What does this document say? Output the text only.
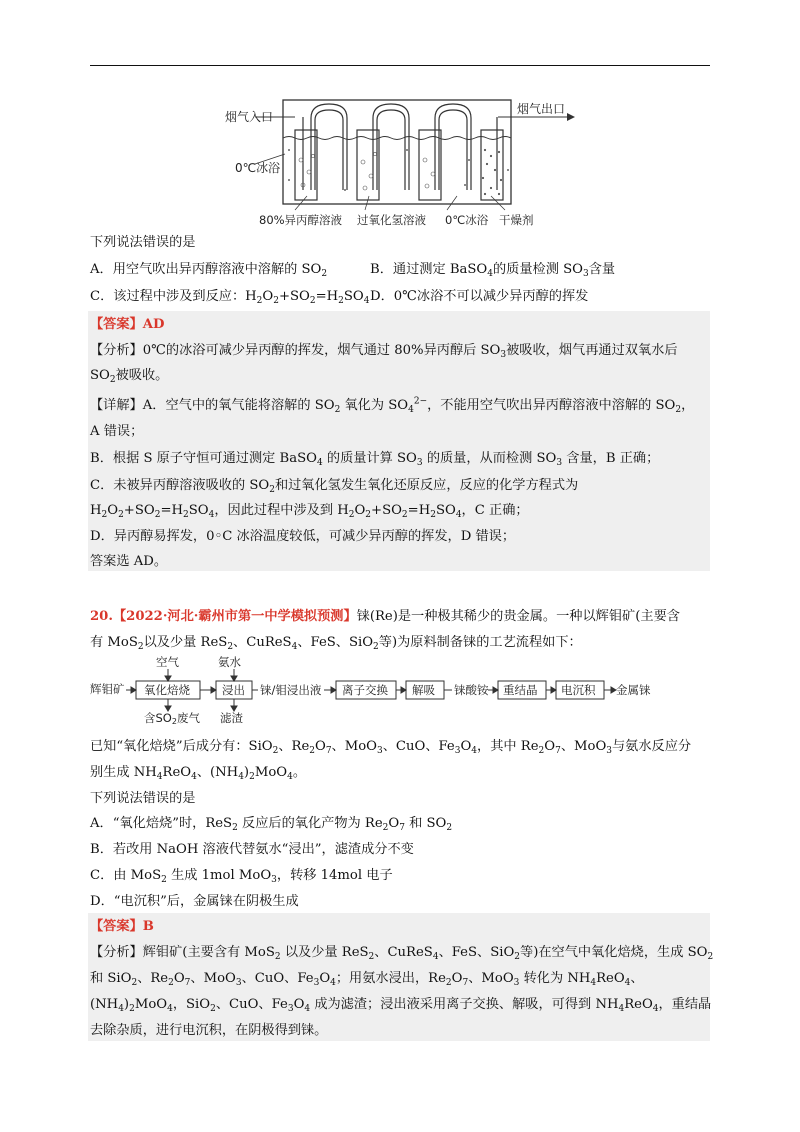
烟气入口
烟气出口
0℃冰浴
80%异丙醇溶液 过氧化氢溶液 0℃冰浴 干燥剂
下列说法错误的是
A．用空气吹出异丙醇溶液中溶解的 $SO_2$	B．通过测定 BaSO$_4$的质量检测 $SO_3$含量
C．该过程中涉及到反应：$H_2O_2+SO_2=H_2SO_4$ D．0℃冰浴不可以减少异丙醇的挥发
【答案】AD
【分析】0℃的冰浴可减少异丙醇的挥发，烟气通过 80%异丙醇后 $SO_3$被吸收，烟气再通过双氧水后
$SO_2$被吸收。
【详解】A．空气中的氧气能将溶解的 $SO_2$ 氧化为 $SO_4^{2-}$，不能用空气吹出异丙醇溶液中溶解的 $SO_2$，
A 错误；
B．根据 S 原子守恒可通过测定 BaSO$_4$ 的质量计算 $SO_3$ 的质量，从而检测 $SO_3$ 含量，B 正确；
C．未被异丙醇溶液吸收的 $SO_2$和过氧化氢发生氧化还原反应，反应的化学方程式为
$H_2O_2+SO_2=H_2SO_4$，因此过程中涉及到 $H_2O_2+SO_2=H_2SO_4$，C 正确；
D．异丙醇易挥发，0◦C 冰浴温度较低，可减少异丙醇的挥发，D 错误；
答案选 AD。
20.【2022·河北·霸州市第一中学模拟预测】铼(Re)是一种极其稀少的贵金属。一种以辉钼矿(主要含
有 MoS$_2$以及少量 ReS$_2$、CuReS$_4$、FeS、SiO$_2$等)为原料制备铼的工艺流程如下：
辉钼矿 氧化焙烧	浸出 铼/钼浸出液 离子交换 解吸 铼酸铵 重结晶 电沉积 金属铼
空气	氨水
含SO2废气 滤渣
已知“氧化焙烧”后成分有：SiO$_2$、$Re_2O_7$、MoO$_3$、CuO、$Fe_3O_4$，其中 $Re_2O_7$、MoO$_3$与氨水反应分
别生成 $NH_4ReO_4$、$(NH_4)_2MoO_4$。
下列说法错误的是
A．“氧化焙烧”时，ReS$_2$ 反应后的氧化产物为 $Re_2O_7$ 和 $SO_2$
B．若改用 NaOH 溶液代替氨水“浸出”，滤渣成分不变
C．由 MoS$_2$ 生成 1mol MoO$_3$，转移 14mol 电子
D．“电沉积”后，金属铼在阴极生成
【答案】B
【分析】辉钼矿(主要含有 MoS$_2$ 以及少量 ReS$_2$、CuReS$_4$、FeS、SiO$_2$等)在空气中氧化焙烧，生成 $SO_2$
和 SiO$_2$、$Re_2O_7$、MoO$_3$、CuO、$Fe_3O_4$；用氨水浸出，$Re_2O_7$、MoO$_3$ 转化为 $NH_4ReO_4$、
$(NH_4)_2MoO_4$，SiO$_2$、CuO、$Fe_3O_4$ 成为滤渣；浸出液采用离子交换、解吸，可得到 $NH_4ReO_4$，重结晶
去除杂质，进行电沉积，在阴极得到铼。
